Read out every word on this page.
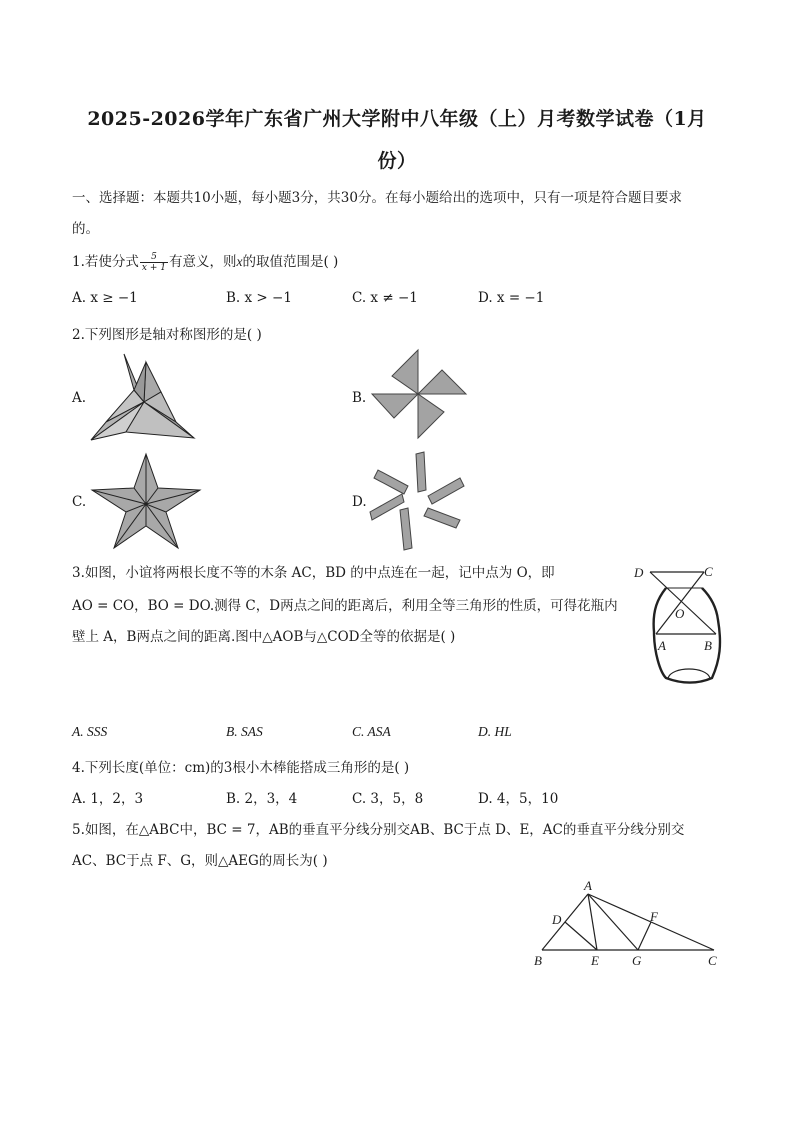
2025-2026学年广东省广州大学附中八年级（上）月考数学试卷（1月
份）
一、选择题：本题共10小题，每小题3分，共30分。在每小题给出的选项中，只有一项是符合题目要求
的。
1.若使分式 $\frac{5}{x + 1}$ 有意义，则x的取值范围是( )
A. x ≥ −1	B. x > −1	C. x ≠ −1	D. x = −1
2.下列图形是轴对称图形的是( )
A.	B.
C.	D.
3.如图，小谊将两根长度不等的木条 AC，BD 的中点连在一起，记中点为 O，即
AO = CO，BO = DO.测得 C，D两点之间的距离后，利用全等三角形的性质，可得花瓶内
壁上 A，B两点之间的距离.图中△AOB与△COD全等的依据是( )
D	C
O
A	B
A. SSS	B. SAS	C. ASA	D. HL
4.下列长度(单位：cm)的3根小木棒能搭成三角形的是( )
A. 1，2，3	B. 2，3，4	C. 3，5，8	D. 4，5，10
5.如图，在△ABC中，BC = 7，AB的垂直平分线分别交AB、BC于点 D、E，AC的垂直平分线分别交
AC、BC于点 F、G，则△AEG的周长为( )
A
D	F
B	E	G	C
